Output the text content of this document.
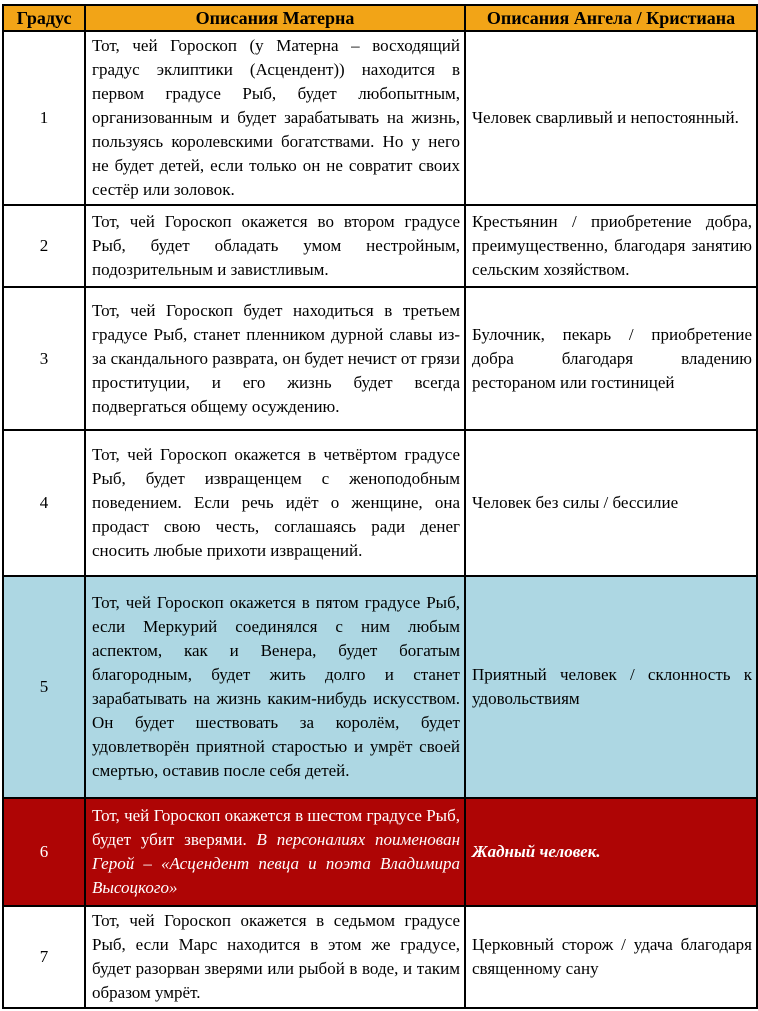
Градус	Описания Матерна	Описания Ангела / Кристиана
1	Тот, чей Гороскоп (у Матерна – восходящий градус эклиптики (Асцендент)) находится в первом градусе Рыб, будет любопытным, организованным и будет зарабатывать на жизнь, пользуясь королевскими богатствами. Но у него не будет детей, если только он не совратит своих сестёр или золовок.	Человек сварливый и непостоянный.
2	Тот, чей Гороскоп окажется во втором градусе Рыб, будет обладать умом нестройным, подозрительным и завистливым.	Крестьянин / приобретение добра, преимущественно, благодаря занятию сельским хозяйством.
3	Тот, чей Гороскоп будет находиться в третьем градусе Рыб, станет пленником дурной славы из-за скандального разврата, он будет нечист от грязи проституции, и его жизнь будет всегда подвергаться общему осуждению.	Булочник, пекарь / приобретение добра благодаря владению рестораном или гостиницей
4	Тот, чей Гороскоп окажется в четвёртом градусе Рыб, будет извращенцем с женоподобным поведением. Если речь идёт о женщине, она продаст свою честь, соглашаясь ради денег сносить любые прихоти извращений.	Человек без силы / бессилие
5	Тот, чей Гороскоп окажется в пятом градусе Рыб, если Меркурий соединялся с ним любым аспектом, как и Венера, будет богатым благородным, будет жить долго и станет зарабатывать на жизнь каким-нибудь искусством. Он будет шествовать за королём, будет удовлетворён приятной старостью и умрёт своей смертью, оставив после себя детей.	Приятный человек / склонность к удовольствиям
6	Тот, чей Гороскоп окажется в шестом градусе Рыб, будет убит зверями. В персоналиях поименован Герой – «Асцендент певца и поэта Владимира Высоцкого»	Жадный человек.
7	Тот, чей Гороскоп окажется в седьмом градусе Рыб, если Марс находится в этом же градусе, будет разорван зверями или рыбой в воде, и таким образом умрёт.	Церковный сторож / удача благодаря священному сану
